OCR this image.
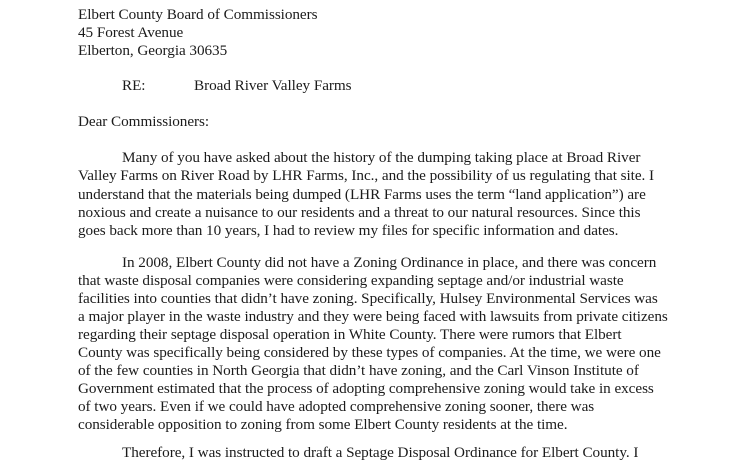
Elbert County Board of Commissioners
45 Forest Avenue
Elberton, Georgia 30635
RE:	Broad River Valley Farms
Dear Commissioners:
Many of you have asked about the history of the dumping taking place at Broad River
Valley Farms on River Road by LHR Farms, Inc., and the possibility of us regulating that site. I
understand that the materials being dumped (LHR Farms uses the term “land application”) are
noxious and create a nuisance to our residents and a threat to our natural resources. Since this
goes back more than 10 years, I had to review my files for specific information and dates.
In 2008, Elbert County did not have a Zoning Ordinance in place, and there was concern
that waste disposal companies were considering expanding septage and/or industrial waste
facilities into counties that didn’t have zoning. Specifically, Hulsey Environmental Services was
a major player in the waste industry and they were being faced with lawsuits from private citizens
regarding their septage disposal operation in White County. There were rumors that Elbert
County was specifically being considered by these types of companies. At the time, we were one
of the few counties in North Georgia that didn’t have zoning, and the Carl Vinson Institute of
Government estimated that the process of adopting comprehensive zoning would take in excess
of two years. Even if we could have adopted comprehensive zoning sooner, there was
considerable opposition to zoning from some Elbert County residents at the time.
Therefore, I was instructed to draft a Septage Disposal Ordinance for Elbert County. I
